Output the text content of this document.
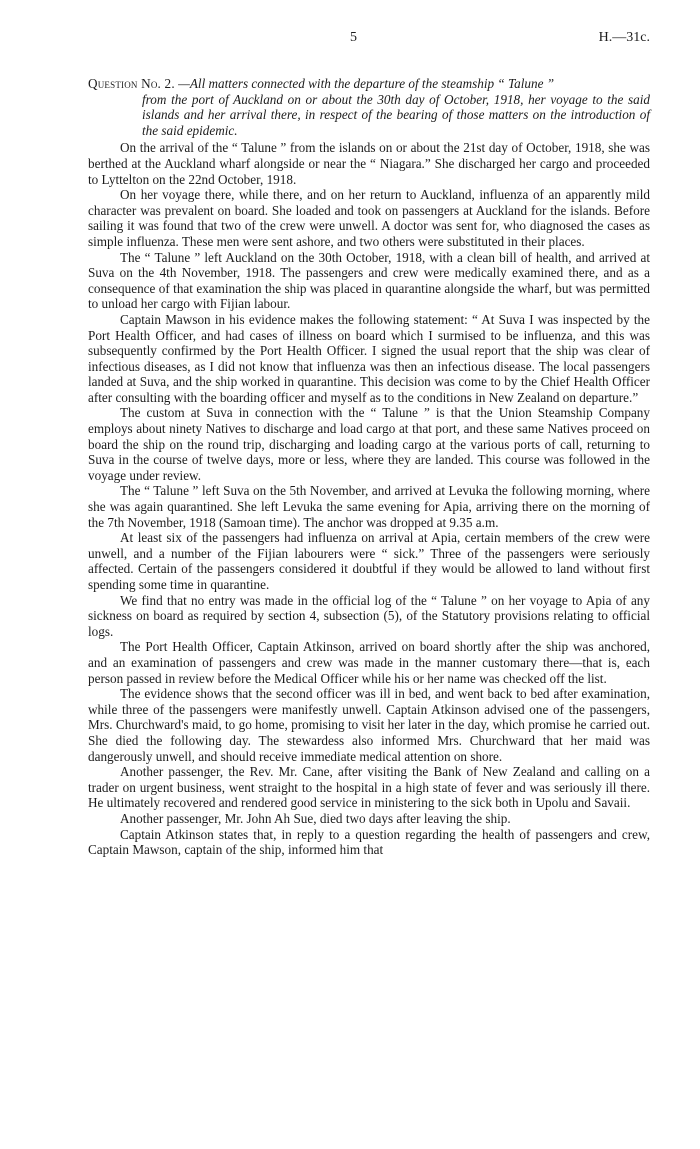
5	H.—31c.
Question No. 2. —All matters connected with the departure of the steamship “ Talune ”
from the port of Auckland on or about the 30th day of October, 1918, her voyage to the said islands and her arrival there, in respect of the bearing of those matters on the introduction of the said epidemic.

On the arrival of the “ Talune ” from the islands on or about the 21st day of October, 1918, she was berthed at the Auckland wharf alongside or near the “ Niagara.” She discharged her cargo and proceeded to Lyttelton on the 22nd October, 1918.

On her voyage there, while there, and on her return to Auckland, influenza of an apparently mild character was prevalent on board. She loaded and took on passengers at Auckland for the islands. Before sailing it was found that two of the crew were unwell. A doctor was sent for, who diagnosed the cases as simple influenza. These men were sent ashore, and two others were substituted in their places.

The “ Talune ” left Auckland on the 30th October, 1918, with a clean bill of health, and arrived at Suva on the 4th November, 1918. The passengers and crew were medically examined there, and as a consequence of that examination the ship was placed in quarantine alongside the wharf, but was permitted to unload her cargo with Fijian labour.

Captain Mawson in his evidence makes the following statement: “ At Suva I was inspected by the Port Health Officer, and had cases of illness on board which I surmised to be influenza, and this was subsequently confirmed by the Port Health Officer. I signed the usual report that the ship was clear of infectious diseases, as I did not know that influenza was then an infectious disease. The local passengers landed at Suva, and the ship worked in quarantine. This decision was come to by the Chief Health Officer after consulting with the boarding officer and myself as to the conditions in New Zealand on departure.”

The custom at Suva in connection with the “ Talune ” is that the Union Steamship Company employs about ninety Natives to discharge and load cargo at that port, and these same Natives proceed on board the ship on the round trip, discharging and loading cargo at the various ports of call, returning to Suva in the course of twelve days, more or less, where they are landed. This course was followed in the voyage under review.

The “ Talune ” left Suva on the 5th November, and arrived at Levuka the following morning, where she was again quarantined. She left Levuka the same evening for Apia, arriving there on the morning of the 7th November, 1918 (Samoan time). The anchor was dropped at 9.35 a.m.

At least six of the passengers had influenza on arrival at Apia, certain members of the crew were unwell, and a number of the Fijian labourers were “ sick.” Three of the passengers were seriously affected. Certain of the passengers considered it doubtful if they would be allowed to land without first spending some time in quarantine.

We find that no entry was made in the official log of the “ Talune ” on her voyage to Apia of any sickness on board as required by section 4, subsection (5), of the Statutory provisions relating to official logs.

The Port Health Officer, Captain Atkinson, arrived on board shortly after the ship was anchored, and an examination of passengers and crew was made in the manner customary there—that is, each person passed in review before the Medical Officer while his or her name was checked off the list.

The evidence shows that the second officer was ill in bed, and went back to bed after examination, while three of the passengers were manifestly unwell. Captain Atkinson advised one of the passengers, Mrs. Churchward's maid, to go home, promising to visit her later in the day, which promise he carried out. She died the following day. The stewardess also informed Mrs. Churchward that her maid was dangerously unwell, and should receive immediate medical attention on shore.

Another passenger, the Rev. Mr. Cane, after visiting the Bank of New Zealand and calling on a trader on urgent business, went straight to the hospital in a high state of fever and was seriously ill there. He ultimately recovered and rendered good service in ministering to the sick both in Upolu and Savaii.

Another passenger, Mr. John Ah Sue, died two days after leaving the ship.

Captain Atkinson states that, in reply to a question regarding the health of passengers and crew, Captain Mawson, captain of the ship, informed him that
